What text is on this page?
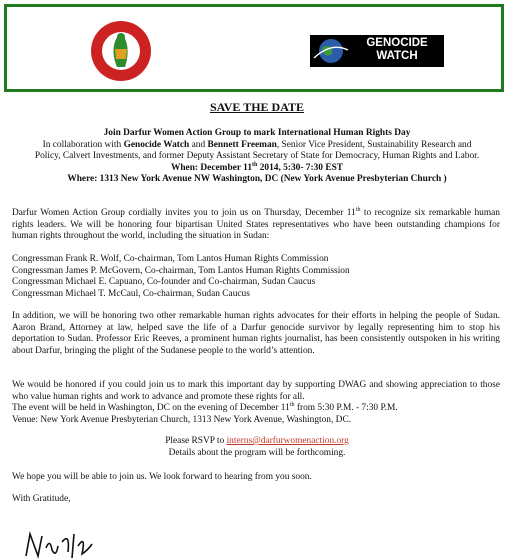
GENOCIDE
WATCH
SAVE THE DATE
Join Darfur Women Action Group to mark International Human Rights Day
In collaboration with Genocide Watch and Bennett Freeman, Senior Vice President, Sustainability Research and
Policy, Calvert Investments, and former Deputy Assistant Secretary of State for Democracy, Human Rights and Labor.
When: December 11th 2014, 5:30- 7:30 EST
Where: 1313 New York Avenue NW Washington, DC (New York Avenue Presbyterian Church )
Darfur Women Action Group cordially invites you to join us on Thursday, December 11th to recognize six remarkable human rights leaders. We will be honoring four bipartisan United States representatives who have been outstanding champions for human rights throughout the world, including the situation in Sudan:
Congressman Frank R. Wolf, Co-chairman, Tom Lantos Human Rights Commission
Congressman James P. McGovern, Co-chairman, Tom Lantos Human Rights Commission
Congressman Michael E. Capuano, Co-founder and Co-chairman, Sudan Caucus
Congressman Michael T. McCaul, Co-chairman, Sudan Caucus
In addition, we will be honoring two other remarkable human rights advocates for their efforts in helping the people of Sudan. Aaron Brand, Attorney at law, helped save the life of a Darfur genocide survivor by legally representing him to stop his deportation to Sudan. Professor Eric Reeves, a prominent human rights journalist, has been consistently outspoken in his writing about Darfur, bringing the plight of the Sudanese people to the world’s attention.
We would be honored if you could join us to mark this important day by supporting DWAG and showing appreciation to those who value human rights and work to advance and promote these rights for all.
The event will be held in Washington, DC on the evening of December 11th from 5:30 P.M. - 7:30 P.M.
Venue: New York Avenue Presbyterian Church, 1313 New York Avenue, Washington, DC.
Please RSVP to interns@darfurwomenaction.org
Details about the program will be forthcoming.
We hope you will be able to join us. We look forward to hearing from you soon.
With Gratitude,
